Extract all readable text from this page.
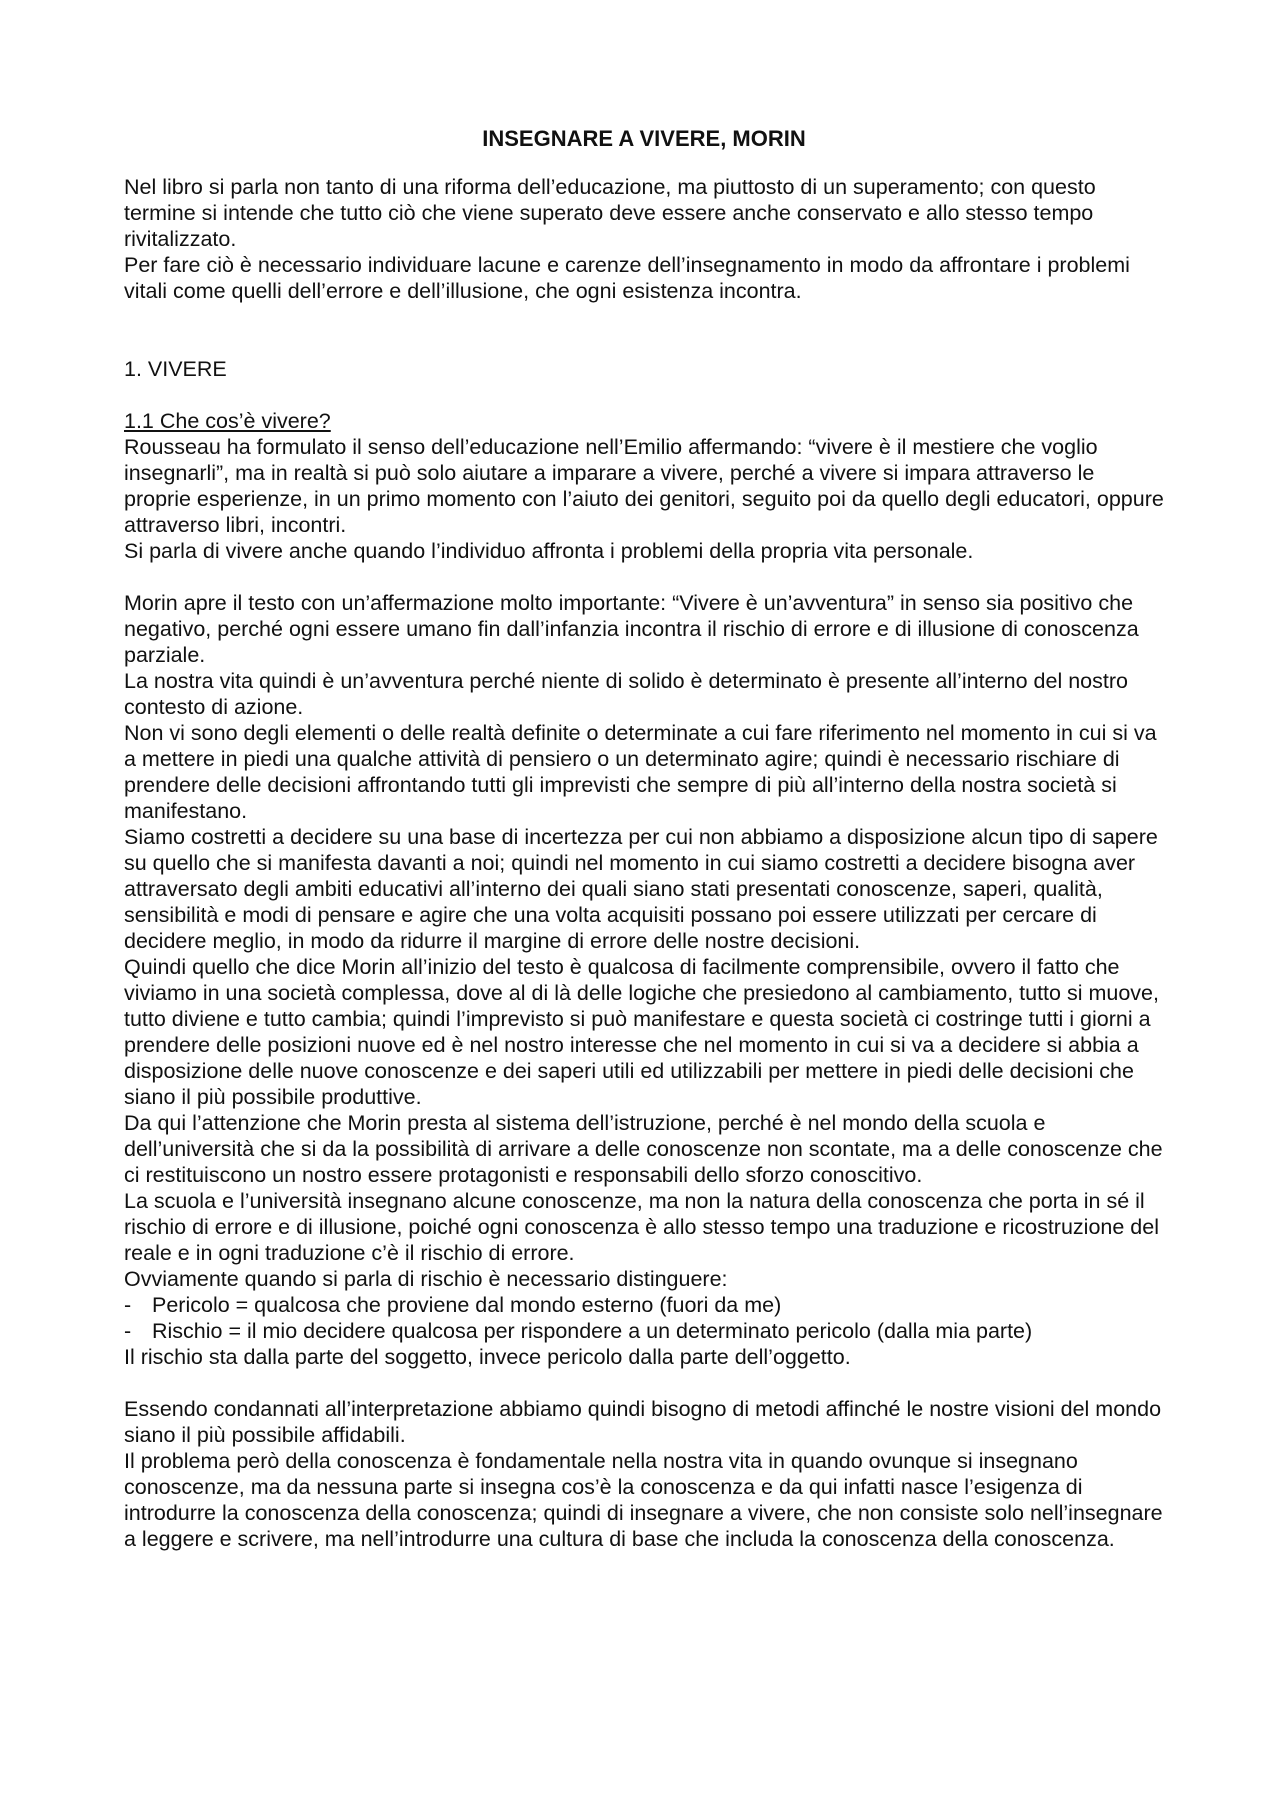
INSEGNARE A VIVERE, MORIN

Nel libro si parla non tanto di una riforma dell’educazione, ma piuttosto di un superamento; con questo termine si intende che tutto ciò che viene superato deve essere anche conservato e allo stesso tempo rivitalizzato.

Per fare ciò è necessario individuare lacune e carenze dell’insegnamento in modo da affrontare i problemi vitali come quelli dell’errore e dell’illusione, che ogni esistenza incontra.

1. VIVERE

1.1 Che cos’è vivere?

Rousseau ha formulato il senso dell’educazione nell’Emilio affermando: “vivere è il mestiere che voglio insegnarli”, ma in realtà si può solo aiutare a imparare a vivere, perché a vivere si impara attraverso le proprie esperienze, in un primo momento con l’aiuto dei genitori, seguito poi da quello degli educatori, oppure attraverso libri, incontri.

Si parla di vivere anche quando l’individuo affronta i problemi della propria vita personale.

Morin apre il testo con un’affermazione molto importante: “Vivere è un’avventura” in senso sia positivo che negativo, perché ogni essere umano fin dall’infanzia incontra il rischio di errore e di illusione di conoscenza parziale.

La nostra vita quindi è un’avventura perché niente di solido è determinato è presente all’interno del nostro contesto di azione.

Non vi sono degli elementi o delle realtà definite o determinate a cui fare riferimento nel momento in cui si va a mettere in piedi una qualche attività di pensiero o un determinato agire; quindi è necessario rischiare di prendere delle decisioni affrontando tutti gli imprevisti che sempre di più all’interno della nostra società si manifestano.

Siamo costretti a decidere su una base di incertezza per cui non abbiamo a disposizione alcun tipo di sapere su quello che si manifesta davanti a noi; quindi nel momento in cui siamo costretti a decidere bisogna aver attraversato degli ambiti educativi all’interno dei quali siano stati presentati conoscenze, saperi, qualità, sensibilità e modi di pensare e agire che una volta acquisiti possano poi essere utilizzati per cercare di decidere meglio, in modo da ridurre il margine di errore delle nostre decisioni.

Quindi quello che dice Morin all’inizio del testo è qualcosa di facilmente comprensibile, ovvero il fatto che viviamo in una società complessa, dove al di là delle logiche che presiedono al cambiamento, tutto si muove, tutto diviene e tutto cambia; quindi l’imprevisto si può manifestare e questa società ci costringe tutti i giorni a prendere delle posizioni nuove ed è nel nostro interesse che nel momento in cui si va a decidere si abbia a disposizione delle nuove conoscenze e dei saperi utili ed utilizzabili per mettere in piedi delle decisioni che siano il più possibile produttive.

Da qui l’attenzione che Morin presta al sistema dell’istruzione, perché è nel mondo della scuola e dell’università che si da la possibilità di arrivare a delle conoscenze non scontate, ma a delle conoscenze che ci restituiscono un nostro essere protagonisti e responsabili dello sforzo conoscitivo.

La scuola e l’università insegnano alcune conoscenze, ma non la natura della conoscenza che porta in sé il rischio di errore e di illusione, poiché ogni conoscenza è allo stesso tempo una traduzione e ricostruzione del reale e in ogni traduzione c’è il rischio di errore.

Ovviamente quando si parla di rischio è necessario distinguere:

- Pericolo = qualcosa che proviene dal mondo esterno (fuori da me)
- Rischio = il mio decidere qualcosa per rispondere a un determinato pericolo (dalla mia parte)

Il rischio sta dalla parte del soggetto, invece pericolo dalla parte dell’oggetto.

Essendo condannati all’interpretazione abbiamo quindi bisogno di metodi affinché le nostre visioni del mondo siano il più possibile affidabili.

Il problema però della conoscenza è fondamentale nella nostra vita in quando ovunque si insegnano conoscenze, ma da nessuna parte si insegna cos’è la conoscenza e da qui infatti nasce l’esigenza di introdurre la conoscenza della conoscenza; quindi di insegnare a vivere, che non consiste solo nell’insegnare a leggere e scrivere, ma nell’introdurre una cultura di base che includa la conoscenza della conoscenza.
